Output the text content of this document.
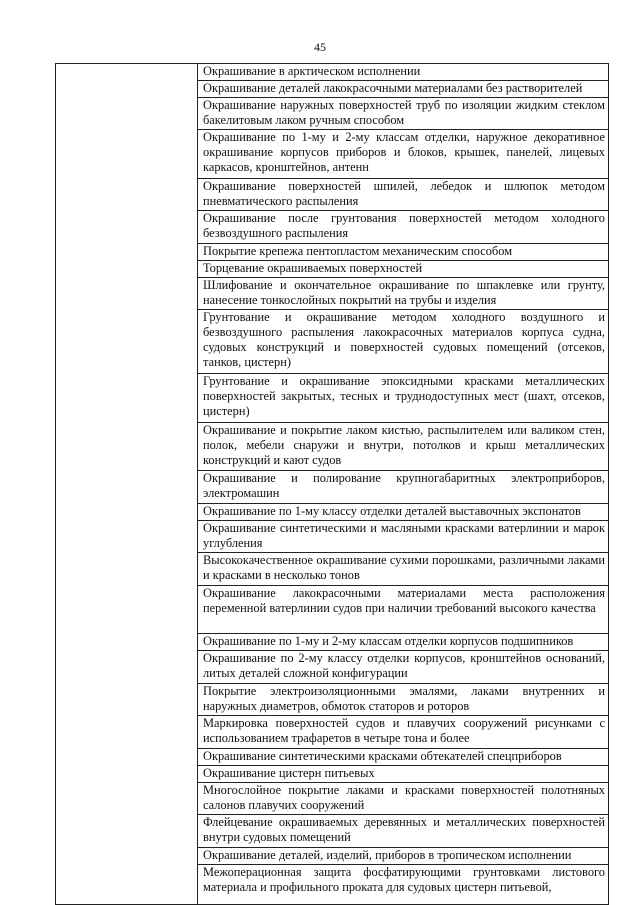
45
	Окрашивание в арктическом исполнении
Окрашивание деталей лакокрасочными материалами без растворителей
Окрашивание наружных поверхностей труб по изоляции жидким стеклом бакелитовым лаком ручным способом
Окрашивание по 1-му и 2-му классам отделки, наружное декоративное окрашивание корпусов приборов и блоков, крышек, панелей, лицевых каркасов, кронштейнов, антенн
Окрашивание поверхностей шпилей, лебедок и шлюпок методом пневматического распыления
Окрашивание после грунтования поверхностей методом холодного безвоздушного распыления
Покрытие крепежа пентопластом механическим способом
Торцевание окрашиваемых поверхностей
Шлифование и окончательное окрашивание по шпаклевке или грунту, нанесение тонкослойных покрытий на трубы и изделия
Грунтование и окрашивание методом холодного воздушного и безвоздушного распыления лакокрасочных материалов корпуса судна, судовых конструкций и поверхностей судовых помещений (отсеков, танков, цистерн)
Грунтование и окрашивание эпоксидными красками металлических поверхностей закрытых, тесных и труднодоступных мест (шахт, отсеков, цистерн)
Окрашивание и покрытие лаком кистью, распылителем или валиком стен, полок, мебели снаружи и внутри, потолков и крыш металлических конструкций и кают судов
Окрашивание и полирование крупногабаритных электроприборов, электромашин
Окрашивание по 1-му классу отделки деталей выставочных экспонатов
Окрашивание синтетическими и масляными красками ватерлинии и марок углубления
Высококачественное окрашивание сухими порошками, различными лаками и красками в несколько тонов
Окрашивание лакокрасочными материалами места расположения переменной ватерлинии судов при наличии требований высокого качества
Окрашивание по 1-му и 2-му классам отделки корпусов подшипников
Окрашивание по 2-му классу отделки корпусов, кронштейнов оснований, литых деталей сложной конфигурации
Покрытие электроизоляционными эмалями, лаками внутренних и наружных диаметров, обмоток статоров и роторов
Маркировка поверхностей судов и плавучих сооружений рисунками с использованием трафаретов в четыре тона и более
Окрашивание синтетическими красками обтекателей спецприборов
Окрашивание цистерн питьевых
Многослойное покрытие лаками и красками поверхностей полотняных салонов плавучих сооружений
Флейцевание окрашиваемых деревянных и металлических поверхностей внутри судовых помещений
Окрашивание деталей, изделий, приборов в тропическом исполнении
Межоперационная защита фосфатирующими грунтовками листового материала и профильного проката для судовых цистерн питьевой,
